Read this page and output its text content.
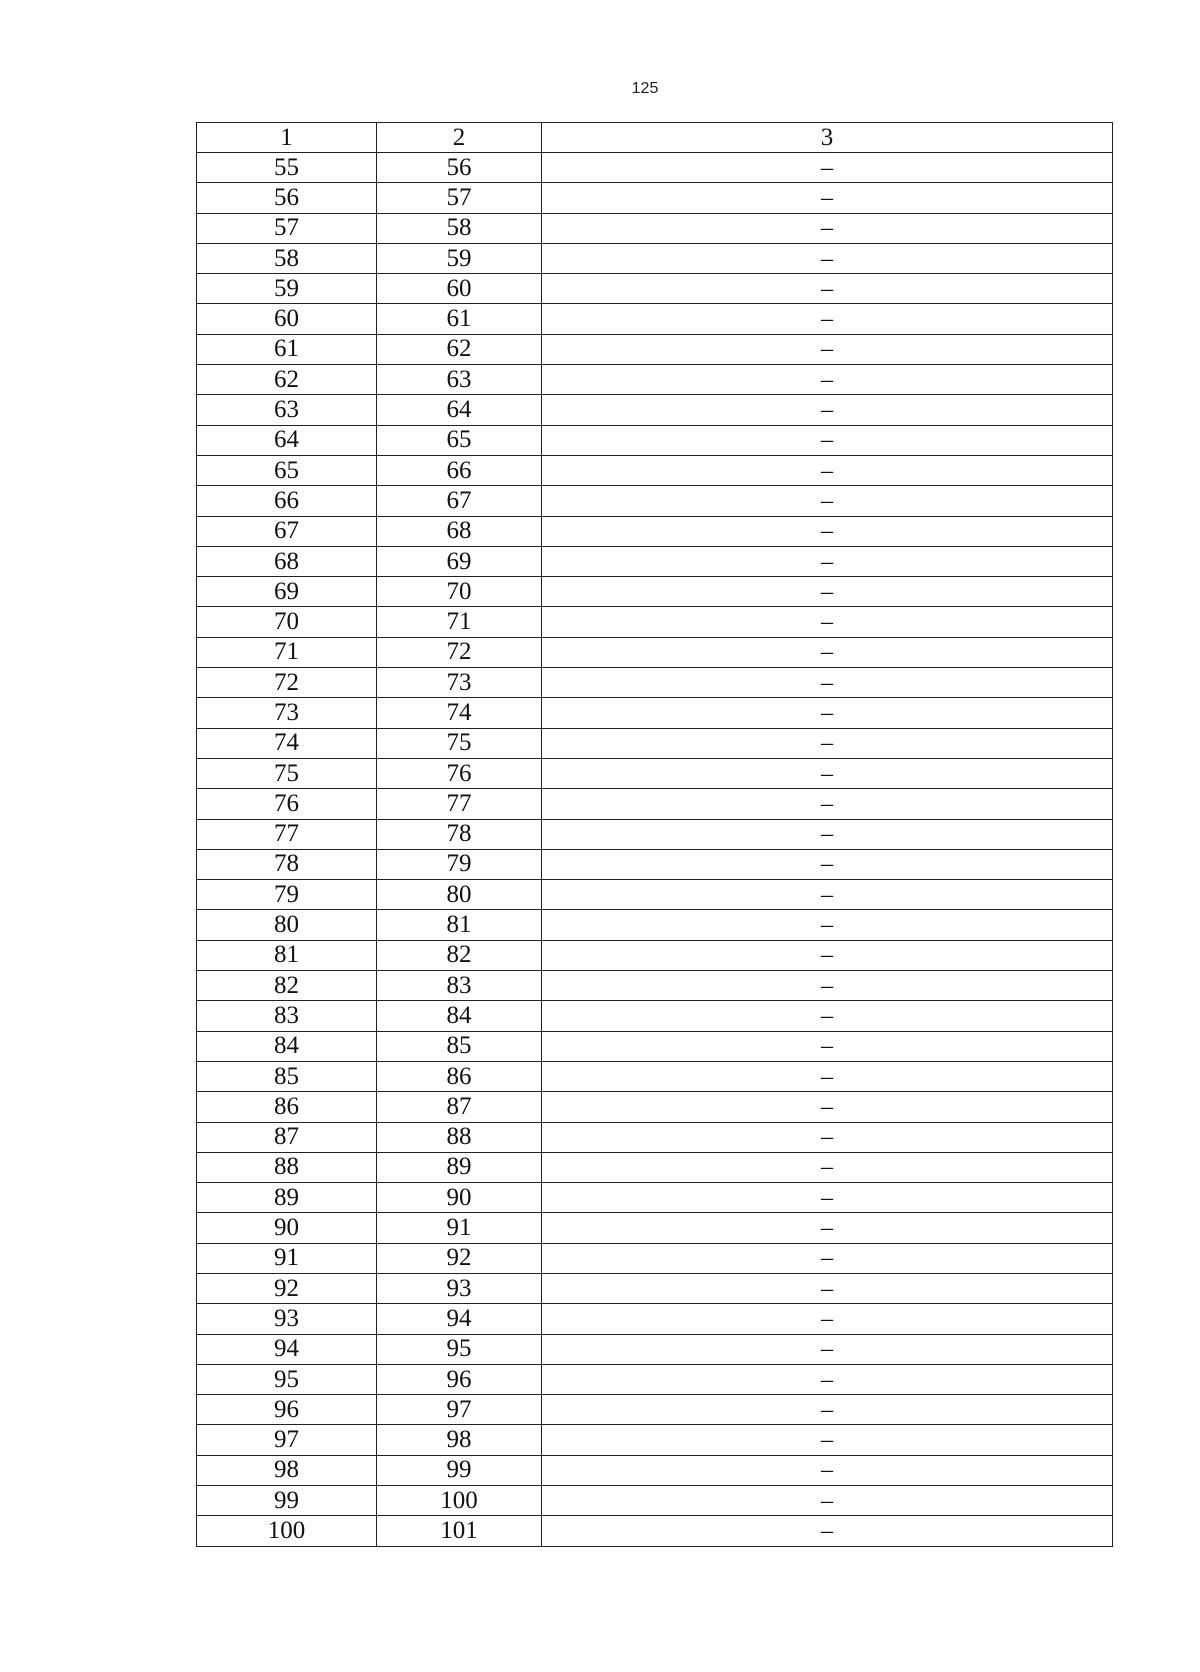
125
1	2	3
55	56	–
56	57	–
57	58	–
58	59	–
59	60	–
60	61	–
61	62	–
62	63	–
63	64	–
64	65	–
65	66	–
66	67	–
67	68	–
68	69	–
69	70	–
70	71	–
71	72	–
72	73	–
73	74	–
74	75	–
75	76	–
76	77	–
77	78	–
78	79	–
79	80	–
80	81	–
81	82	–
82	83	–
83	84	–
84	85	–
85	86	–
86	87	–
87	88	–
88	89	–
89	90	–
90	91	–
91	92	–
92	93	–
93	94	–
94	95	–
95	96	–
96	97	–
97	98	–
98	99	–
99	100	–
100	101	–
